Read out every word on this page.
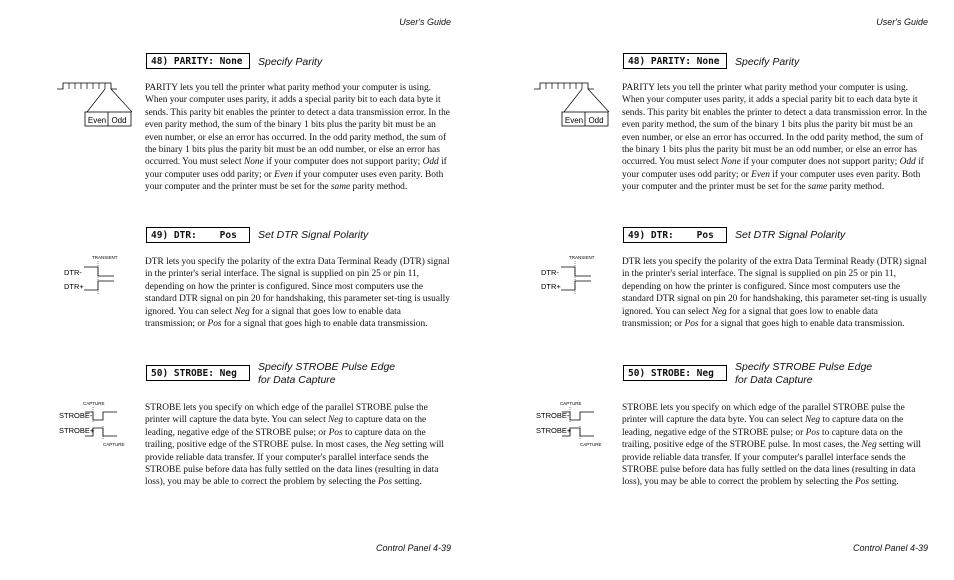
User's Guide
48) PARITY: None	Specify Parity
Even Odd
PARITY lets you tell the printer what parity method your computer is using. When your computer uses parity, it adds a special parity bit to each data byte it sends. This parity bit enables the printer to detect a data transmission error. In the even parity method, the sum of the binary 1 bits plus the parity bit must be an even number, or else an error has occurred. In the odd parity method, the sum of the binary 1 bits plus the parity bit must be an odd number, or else an error has occurred. You must select None if your computer does not support parity; Odd if your computer uses odd parity; or Even if your computer uses even parity. Both your computer and the printer must be set for the same parity method.
49) DTR:    Pos	Set DTR Signal Polarity
TRANSIENT
DTR-
DTR+
DTR lets you specify the polarity of the extra Data Terminal Ready (DTR) signal in the printer's serial interface. The signal is supplied on pin 25 or pin 11, depending on how the printer is configured. Since most computers use the standard DTR signal on pin 20 for handshaking, this parameter set-ting is usually ignored. You can select Neg for a signal that goes low to enable data transmission; or Pos for a signal that goes high to enable data transmission.
50) STROBE: Neg
Specify STROBE Pulse Edge
for Data Capture
CAPTURE
STROBE-
STROBE+
CAPTURE
STROBE lets you specify on which edge of the parallel STROBE pulse the printer will capture the data byte. You can select Neg to capture data on the leading, negative edge of the STROBE pulse; or Pos to capture data on the trailing, positive edge of the STROBE pulse. In most cases, the Neg setting will provide reliable data transfer. If your computer's parallel interface sends the STROBE pulse before data has fully settled on the data lines (resulting in data loss), you may be able to correct the problem by selecting the Pos setting.
Control Panel 4-39
User's Guide
48) PARITY: None	Specify Parity
Even Odd
PARITY lets you tell the printer what parity method your computer is using. When your computer uses parity, it adds a special parity bit to each data byte it sends. This parity bit enables the printer to detect a data transmission error. In the even parity method, the sum of the binary 1 bits plus the parity bit must be an even number, or else an error has occurred. In the odd parity method, the sum of the binary 1 bits plus the parity bit must be an odd number, or else an error has occurred. You must select None if your computer does not support parity; Odd if your computer uses odd parity; or Even if your computer uses even parity. Both your computer and the printer must be set for the same parity method.
49) DTR:    Pos	Set DTR Signal Polarity
TRANSIENT
DTR-
DTR+
DTR lets you specify the polarity of the extra Data Terminal Ready (DTR) signal in the printer's serial interface. The signal is supplied on pin 25 or pin 11, depending on how the printer is configured. Since most computers use the standard DTR signal on pin 20 for handshaking, this parameter set-ting is usually ignored. You can select Neg for a signal that goes low to enable data transmission; or Pos for a signal that goes high to enable data transmission.
50) STROBE: Neg
Specify STROBE Pulse Edge
for Data Capture
CAPTURE
STROBE-
STROBE+
CAPTURE
STROBE lets you specify on which edge of the parallel STROBE pulse the printer will capture the data byte. You can select Neg to capture data on the leading, negative edge of the STROBE pulse; or Pos to capture data on the trailing, positive edge of the STROBE pulse. In most cases, the Neg setting will provide reliable data transfer. If your computer's parallel interface sends the STROBE pulse before data has fully settled on the data lines (resulting in data loss), you may be able to correct the problem by selecting the Pos setting.
Control Panel 4-39
